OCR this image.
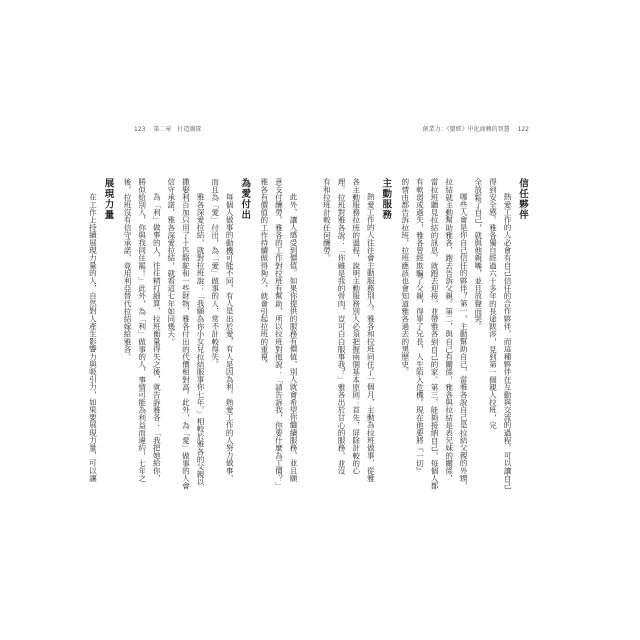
123 第二章 打造團隊	創業力：《聖經》中化商轉的智慧 122
信任夥伴
熱愛工作的人必會有自己信任的合作夥伴，而這種夥伴在互動與交流的過程，可以讓自己
得到安全感。雅各獨自經過六十多年的長途跋涉，見到第一個親人拉班，完
全放鬆了自己，就與他親嘴，並且放聲而哭。
哪些人會是你自己信任的夥伴？第一，主動幫助自己，當雅各說自己是拉結父親的外甥，
拉結就主動幫助雅各，跑去告訴父親。第二，與自己有關係，雅各與拉結是表兄妹的關係，
當拉班聽見拉結的訊息，就跑去迎接，並帶雅各到自己的家。第三，能夠接納自己，每個人都
有軟弱或過失，雅各曾經欺騙了父親，得罪了兄長，人生陷入危機。現在他要將『一切』
的情由都告訴拉班，拉班應該也會知道雅各過去的黑歷史。
主動服務
熱愛工作的人往往會主動服務別人。雅各和拉班同住了一個月，主動為拉班做事，從雅
各主動服務拉班的過程，說明主動服務別人必須把握兩個基本原則：首先，屏除計較的心
理。拉班對雅各說：「你雖是我的骨肉，豈可白白服事我？」雅各出於甘心的服務，並沒
有和拉班計較任何酬勞。
此外，讓人感受到價值。如果你提供的服務有價值，別人就會希望你繼續服務，並且願
意支付酬勞。雅各的工作對拉班有幫助，所以拉班對他說：「請告訴我，你要什麼為工價？」
雅各有價值的工作持續做得夠久，就會引起拉班的重視。
為愛付出
每個人做事的動機可能不同，有人是出於愛，有人是因為利。熱愛工作的人努力做事，
而且為「愛」付出，為「愛」做事的人，常不計較得失。
雅各深愛拉結，就對拉班說：「我願為你小女兒拉結服事你七年。」相較於雅各的父親以
撒娶利百加只用了十匹駱駝和一些財物，雅各付出的代價相對高。此外，為「愛」做事的人會
信守承諾，雅各深愛拉結，就看這七年如同幾天。
為「利」做事的人，往往精打細算，拉班衡量得失之後，就告訴雅各：「我把她給你，
勝似給別人，你與我同住罷！」此外，為「利」做事的人，事情可能為利益而違約，七年之
後，拉班沒有信守承諾，竟用利亞替代拉結嫁給雅各。
展現力量
在工作上持續展現力量的人，自然對人產生影響力與吸引力，如果要展現力量，可以讓
